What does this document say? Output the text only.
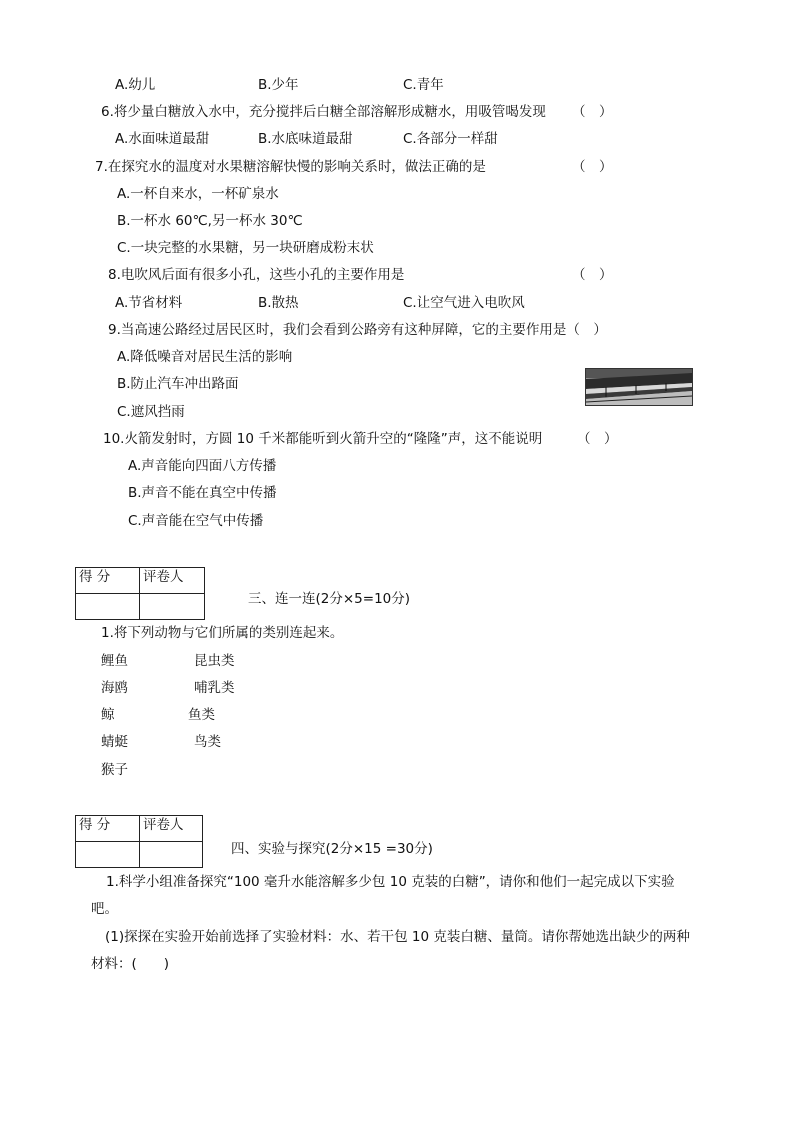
A.幼儿	B.少年	C.青年
6.将少量白糖放入水中，充分搅拌后白糖全部溶解形成糖水，用吸管喝发现 （　）
A.水面味道最甜	B.水底味道最甜	C.各部分一样甜
7.在探究水的温度对水果糖溶解快慢的影响关系时，做法正确的是	（　）
A.一杯自来水，一杯矿泉水
B.一杯水 60℃,另一杯水 30℃
C.一块完整的水果糖，另一块研磨成粉末状
8.电吹风后面有很多小孔，这些小孔的主要作用是	（　）
A.节省材料	B.散热	C.让空气进入电吹风
9.当高速公路经过居民区时，我们会看到公路旁有这种屏障，它的主要作用是（　）
A.降低噪音对居民生活的影响
B.防止汽车冲出路面
C.遮风挡雨
10.火箭发射时，方圆 10 千米都能听到火箭升空的“隆隆”声，这不能说明	（　）
A.声音能向四面八方传播
B.声音不能在真空中传播
C.声音能在空气中传播
得 分	评卷人

三、连一连(2分×5=10分)
1.将下列动物与它们所属的类别连起来。
鲤鱼
海鸥
鲸
蜻蜓
猴子
昆虫类
哺乳类
鱼类
鸟类
得 分	评卷人

四、实验与探究(2分×15 =30分)
1.科学小组准备探究“100 毫升水能溶解多少包 10 克装的白糖”，请你和他们一起完成以下实验
吧。
(1)探探在实验开始前选择了实验材料：水、若干包 10 克装白糖、量筒。请你帮她选出缺少的两种
材料：(　　)
